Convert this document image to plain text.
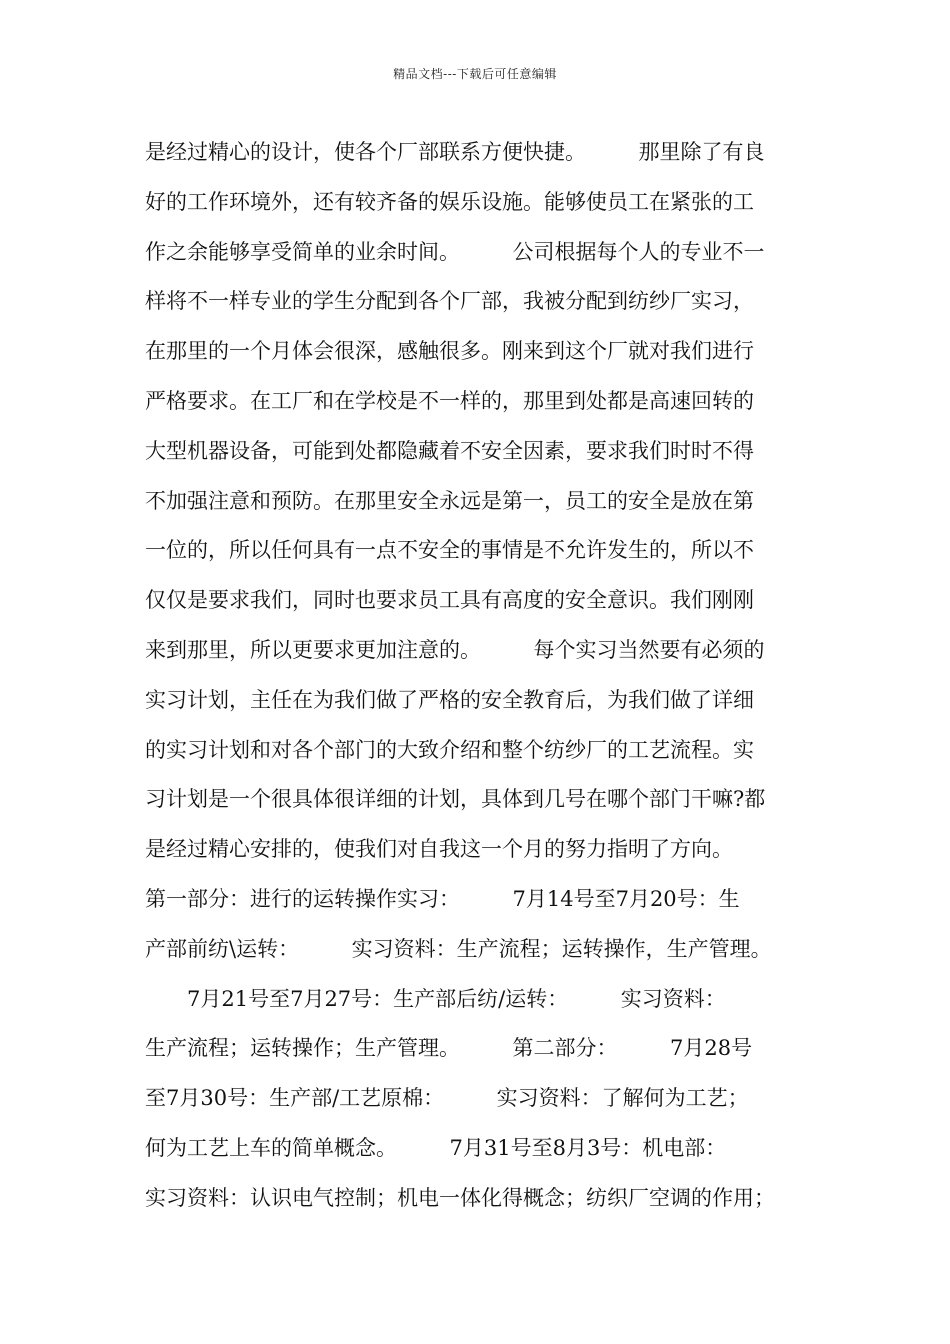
精品文档---下载后可任意编辑
是经过精心的设计，使各个厂部联系方便快捷。　　　那里除了有良
好的工作环境外，还有较齐备的娱乐设施。能够使员工在紧张的工
作之余能够享受简单的业余时间。　　　公司根据每个人的专业不一
样将不一样专业的学生分配到各个厂部，我被分配到纺纱厂实习，
在那里的一个月体会很深，感触很多。刚来到这个厂就对我们进行
严格要求。在工厂和在学校是不一样的，那里到处都是高速回转的
大型机器设备，可能到处都隐藏着不安全因素，要求我们时时不得
不加强注意和预防。在那里安全永远是第一，员工的安全是放在第
一位的，所以任何具有一点不安全的事情是不允许发生的，所以不
仅仅是要求我们，同时也要求员工具有高度的安全意识。我们刚刚
来到那里，所以更要求更加注意的。　　　每个实习当然要有必须的
实习计划，主任在为我们做了严格的安全教育后，为我们做了详细
的实习计划和对各个部门的大致介绍和整个纺纱厂的工艺流程。实
习计划是一个很具体很详细的计划，具体到几号在哪个部门干嘛?都
是经过精心安排的，使我们对自我这一个月的努力指明了方向。
第一部分：进行的运转操作实习：　　　7月14号至7月20号：生
产部前纺\运转：　　　实习资料：生产流程；运转操作，生产管理。
　　7月21号至7月27号：生产部后纺/运转：　　　实习资料：
生产流程；运转操作；生产管理。　　　第二部分：　　　7月28号
至7月30号：生产部/工艺原棉：　　　实习资料：了解何为工艺；
何为工艺上车的简单概念。　　　7月31号至8月3号：机电部：
实习资料：认识电气控制；机电一体化得概念；纺织厂空调的作用；
